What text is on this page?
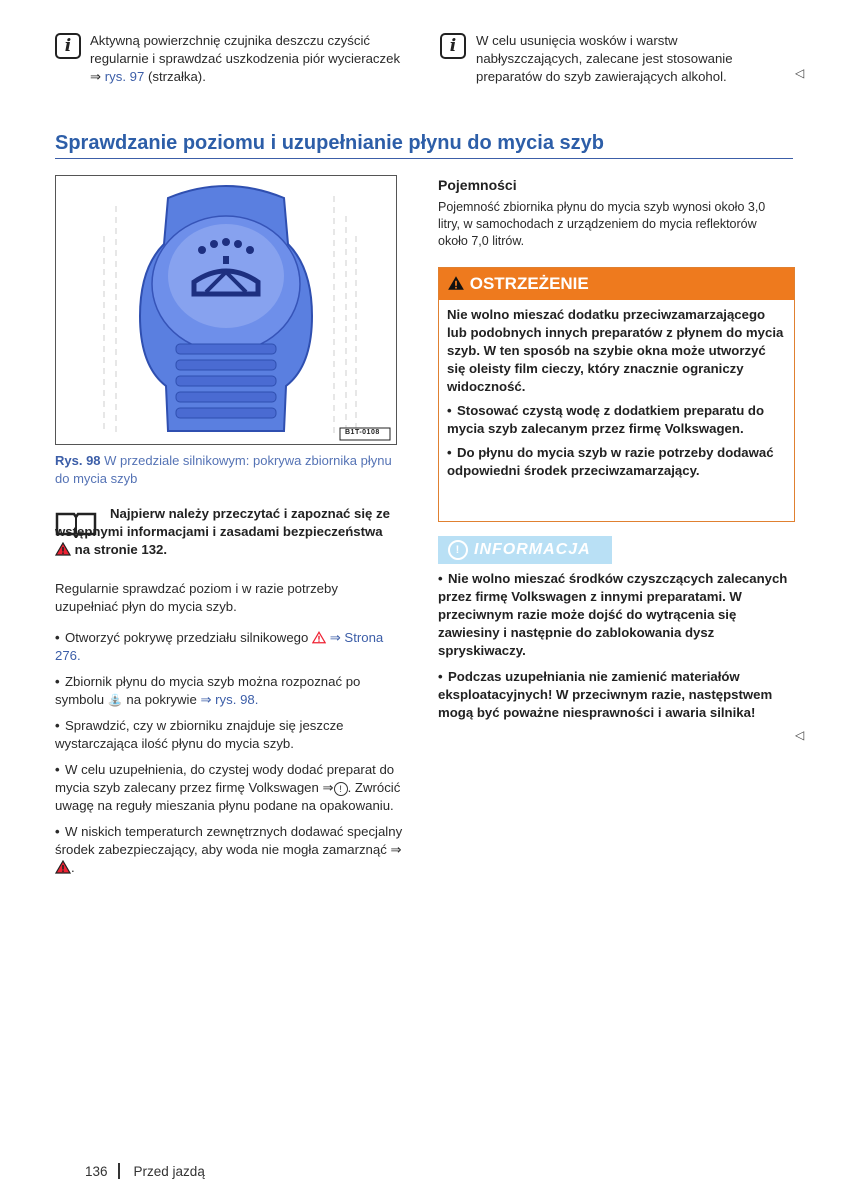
i	Aktywną powierzchnię czujnika deszczu czyścić regularnie i sprawdzać uszkodzenia piór wycieraczek ⇒ rys. 97 (strzałka).
i	W celu usunięcia wosków i warstw nabłyszczających, zalecane jest stosowanie preparatów do szyb zawierających alkohol.	◁
Sprawdzanie poziomu i uzupełnianie płynu do mycia szyb
B1T-0108
Rys. 98 W przedziale silnikowym: pokrywa zbiornika płynu do mycia szyb
Najpierw należy przeczytać i zapoznać się ze wstępnymi informacjami i zasadami bezpieczeństwa  na stronie 132.
Regularnie sprawdzać poziom i w razie potrzeby uzupełniać płyn do mycia szyb.
• Otworzyć pokrywę przedziału silnikowego ⇒ Strona 276.
• Zbiornik płynu do mycia szyb można rozpoznać po symbolu ⛲ na pokrywie ⇒ rys. 98.
• Sprawdzić, czy w zbiorniku znajduje się jeszcze wystarczająca ilość płynu do mycia szyb.
• W celu uzupełnienia, do czystej wody dodać preparat do mycia szyb zalecany przez firmę Volkswagen ⇒ ! . Zwrócić uwagę na reguły mieszania płynu podane na opakowaniu.
• W niskich temperaturch zewnętrznych dodawać specjalny środek zabezpieczający, aby woda nie mogła zamarznąć ⇒ .
Pojemności
Pojemność zbiornika płynu do mycia szyb wynosi około 3,0 litry, w samochodach z urządzeniem do mycia reflektorów około 7,0 litrów.
OSTRZEŻENIE
Nie wolno mieszać dodatku przeciwzamarzającego lub podobnych innych preparatów z płynem do mycia szyb. W ten sposób na szybie okna może utworzyć się oleisty film cieczy, który znacznie ograniczy widoczność.
• Stosować czystą wodę z dodatkiem preparatu do mycia szyb zalecanym przez firmę Volkswagen.
• Do płynu do mycia szyb w razie potrzeby dodawać odpowiedni środek przeciwzamarzający.
! INFORMACJA
• Nie wolno mieszać środków czyszczących zalecanych przez firmę Volkswagen z innymi preparatami. W przeciwnym razie może dojść do wytrącenia się zawiesiny i następnie do zablokowania dysz spryskiwaczy.
• Podczas uzupełniania nie zamienić materiałów eksploatacyjnych! W przeciwnym razie, następstwem mogą być poważne niesprawności i awaria silnika!
◁
136 Przed jazdą
